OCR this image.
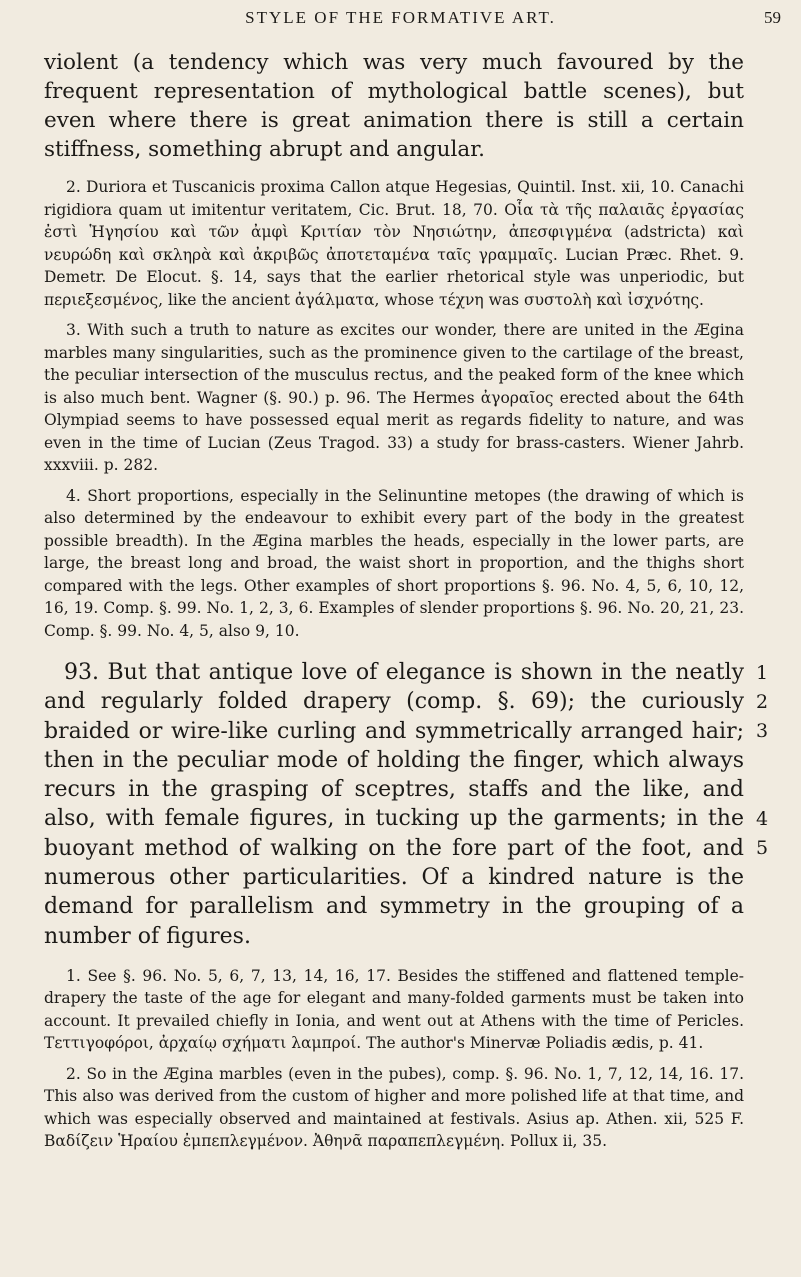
STYLE OF THE FORMATIVE ART.	59

violent (a tendency which was very much favoured by the frequent representation of mythological battle scenes), but even where there is great animation there is still a certain stiffness, something abrupt and angular.

2. Duriora et Tuscanicis proxima Callon atque Hegesias, Quintil. Inst. xii, 10. Canachi rigidiora quam ut imitentur veritatem, Cic. Brut. 18, 70. Οἷα τὰ τῆς παλαιᾶς ἐργασίας ἐστὶ Ἡγησίου καὶ τῶν ἀμφὶ Κριτίαν τὸν Νησιώτην, ἀπεσφιγμένα (adstricta) καὶ νευρώδη καὶ σκληρὰ καὶ ἀκριβῶς ἀποτεταμένα ταῖς γραμμαῖς. Lucian Præc. Rhet. 9. Demetr. De Elocut. §. 14, says that the earlier rhetorical style was unperiodic, but περιεξεσμένος, like the ancient ἀγάλματα, whose τέχνη was συστολὴ καὶ ἰσχνότης.

3. With such a truth to nature as excites our wonder, there are united in the Ægina marbles many singularities, such as the prominence given to the cartilage of the breast, the peculiar intersection of the musculus rectus, and the peaked form of the knee which is also much bent. Wagner (§. 90.) p. 96. The Hermes ἀγοραῖος erected about the 64th Olympiad seems to have possessed equal merit as regards fidelity to nature, and was even in the time of Lucian (Zeus Tragod. 33) a study for brass-casters. Wiener Jahrb. xxxviii. p. 282.

4. Short proportions, especially in the Selinuntine metopes (the drawing of which is also determined by the endeavour to exhibit every part of the body in the greatest possible breadth). In the Ægina marbles the heads, especially in the lower parts, are large, the breast long and broad, the waist short in proportion, and the thighs short compared with the legs. Other examples of short proportions §. 96. No. 4, 5, 6, 10, 12, 16, 19. Comp. §. 99. No. 1, 2, 3, 6. Examples of slender proportions §. 96. No. 20, 21, 23. Comp. §. 99. No. 4, 5, also 9, 10.

93. But that antique love of elegance is shown in the neatly and regularly folded drapery (comp. §. 69); the curiously braided or wire-like curling and symmetrically arranged hair; then in the peculiar mode of holding the finger, which always recurs in the grasping of sceptres, staffs and the like, and also, with female figures, in tucking up the garments; in the buoyant method of walking on the fore part of the foot, and numerous other particularities. Of a kindred nature is the demand for parallelism and symmetry in the grouping of a number of figures.

1
2
3
4
5

1. See §. 96. No. 5, 6, 7, 13, 14, 16, 17. Besides the stiffened and flattened temple-drapery the taste of the age for elegant and many-folded garments must be taken into account. It prevailed chiefly in Ionia, and went out at Athens with the time of Pericles. Τεττιγοφόροι, ἀρχαίῳ σχήματι λαμπροί. The author's Minervæ Poliadis ædis, p. 41.

2. So in the Ægina marbles (even in the pubes), comp. §. 96. No. 1, 7, 12, 14, 16. 17. This also was derived from the custom of higher and more polished life at that time, and which was especially observed and maintained at festivals. Asius ap. Athen. xii, 525 F. Βαδίζειν Ἡραίου ἐμπεπλεγμένον. Ἀθηνᾶ παραπεπλεγμένη. Pollux ii, 35.
